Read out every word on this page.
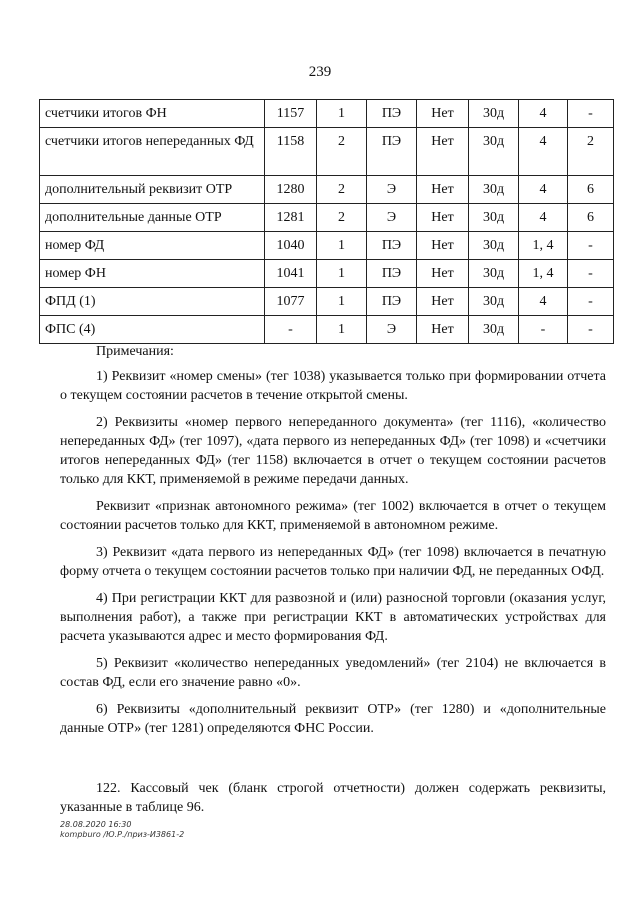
239
счетчики итогов ФН	1157	1	ПЭ	Нет	30д	4	-
счетчики итогов непереданных ФД	1158	2	ПЭ	Нет	30д	4	2
дополнительный реквизит ОТР	1280	2	Э	Нет	30д	4	6
дополнительные данные ОТР	1281	2	Э	Нет	30д	4	6
номер ФД	1040	1	ПЭ	Нет	30д	1, 4	-
номер ФН	1041	1	ПЭ	Нет	30д	1, 4	-
ФПД (1)	1077	1	ПЭ	Нет	30д	4	-
ФПС (4)	-	1	Э	Нет	30д	-	-

Примечания:

1) Реквизит «номер смены» (тег 1038) указывается только при формировании отчета о текущем состоянии расчетов в течение открытой смены.

2) Реквизиты «номер первого непереданного документа» (тег 1116), «количество непереданных ФД» (тег 1097), «дата первого из непереданных ФД» (тег 1098) и «счетчики итогов непереданных ФД» (тег 1158) включается в отчет о текущем состоянии расчетов только для ККТ, применяемой в режиме передачи данных.

Реквизит «признак автономного режима» (тег 1002) включается в отчет о текущем состоянии расчетов только для ККТ, применяемой в автономном режиме.

3) Реквизит «дата первого из непереданных ФД» (тег 1098) включается в печатную форму отчета о текущем состоянии расчетов только при наличии ФД, не переданных ОФД.

4) При регистрации ККТ для развозной и (или) разносной торговли (оказания услуг, выполнения работ), а также при регистрации ККТ в автоматических устройствах для расчета указываются адрес и место формирования ФД.

5) Реквизит «количество непереданных уведомлений» (тег 2104) не включается в состав ФД, если его значение равно «0».

6) Реквизиты «дополнительный реквизит ОТР» (тег 1280) и «дополнительные данные ОТР» (тег 1281) определяются ФНС России.

122. Кассовый чек (бланк строгой отчетности) должен содержать реквизиты, указанные в таблице 96.

28.08.2020 16:30
kompburo /Ю.Р./приз-И3861-2
